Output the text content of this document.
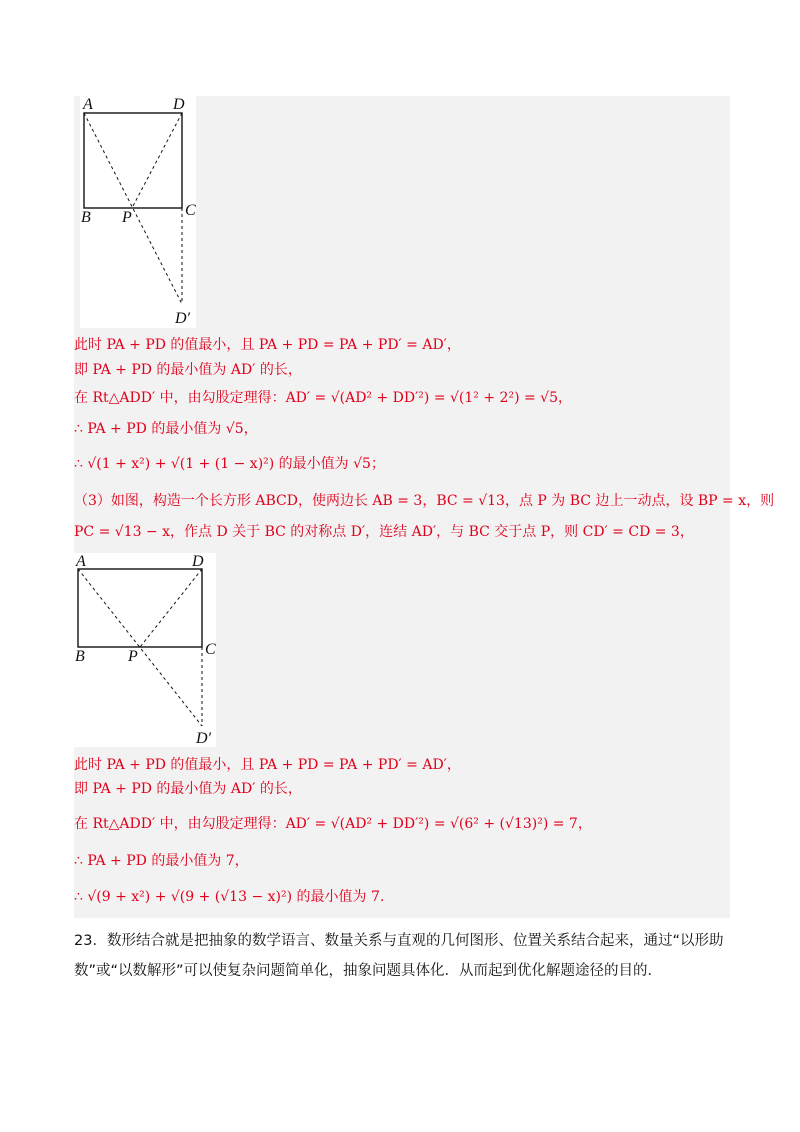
A	D
B P	C
D′
此时 PA + PD 的值最小，且 PA + PD = PA + PD′ = AD′，
即 PA + PD 的最小值为 AD′ 的长，
在 Rt△ADD′ 中，由勾股定理得：AD′ = √(AD² + DD′²) = √(1² + 2²) = √5，
∴ PA + PD 的最小值为 √5，
∴ √(1 + x²) + √(1 + (1 − x)²) 的最小值为 √5；
（3）如图，构造一个长方形 ABCD，使两边长 AB = 3，BC = √13，点 P 为 BC 边上一动点，设 BP = x，则
PC = √13 − x，作点 D 关于 BC 的对称点 D′，连结 AD′，与 BC 交于点 P，则 CD′ = CD = 3，
A	D
B	P	C
D′
此时 PA + PD 的值最小，且 PA + PD = PA + PD′ = AD′，
即 PA + PD 的最小值为 AD′ 的长，
在 Rt△ADD′ 中，由勾股定理得：AD′ = √(AD² + DD′²) = √(6² + (√13)²) = 7，
∴ PA + PD 的最小值为 7，
∴ √(9 + x²) + √(9 + (√13 − x)²) 的最小值为 7.
23．数形结合就是把抽象的数学语言、数量关系与直观的几何图形、位置关系结合起来，通过“以形助数”或“以数解形”可以使复杂问题简单化，抽象问题具体化．从而起到优化解题途径的目的．
